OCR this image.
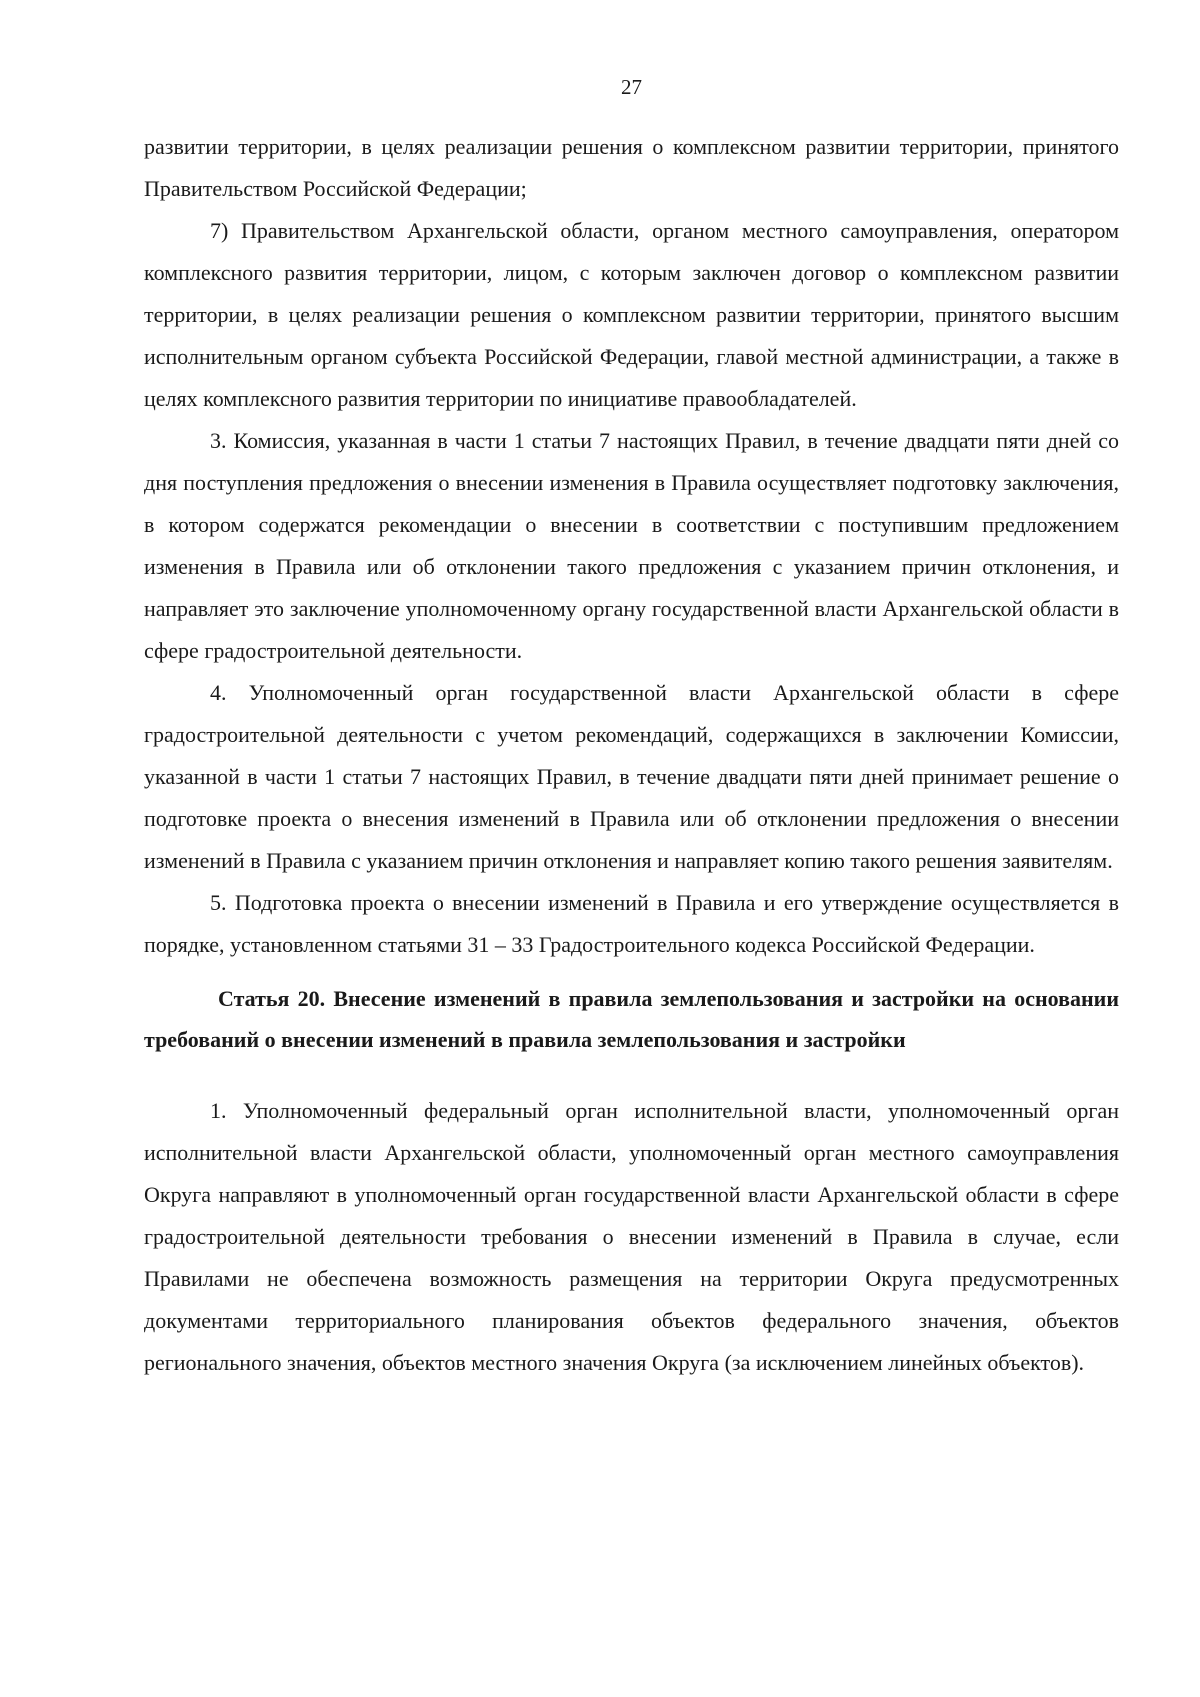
27

развитии территории, в целях реализации решения о комплексном развитии территории, принятого Правительством Российской Федерации;

7) Правительством Архангельской области, органом местного самоуправления, оператором комплексного развития территории, лицом, с которым заключен договор о комплексном развитии территории, в целях реализации решения о комплексном развитии территории, принятого высшим исполнительным органом субъекта Российской Федерации, главой местной администрации, а также в целях комплексного развития территории по инициативе правообладателей.

3. Комиссия, указанная в части 1 статьи 7 настоящих Правил, в течение двадцати пяти дней со дня поступления предложения о внесении изменения в Правила осуществляет подготовку заключения, в котором содержатся рекомендации о внесении в соответствии с поступившим предложением изменения в Правила или об отклонении такого предложения с указанием причин отклонения, и направляет это заключение уполномоченному органу государственной власти Архангельской области в сфере градостроительной деятельности.

4. Уполномоченный орган государственной власти Архангельской области в сфере градостроительной деятельности с учетом рекомендаций, содержащихся в заключении Комиссии, указанной в части 1 статьи 7 настоящих Правил, в течение двадцати пяти дней принимает решение о подготовке проекта о внесения изменений в Правила или об отклонении предложения о внесении изменений в Правила с указанием причин отклонения и направляет копию такого решения заявителям.

5. Подготовка проекта о внесении изменений в Правила и его утверждение осуществляется в порядке, установленном статьями 31 – 33 Градостроительного кодекса Российской Федерации.

Статья 20. Внесение изменений в правила землепользования и застройки на основании требований о внесении изменений в правила землепользования и застройки

1. Уполномоченный федеральный орган исполнительной власти, уполномоченный орган исполнительной власти Архангельской области, уполномоченный орган местного самоуправления Округа направляют в уполномоченный орган государственной власти Архангельской области в сфере градостроительной деятельности требования о внесении изменений в Правила в случае, если Правилами не обеспечена возможность размещения на территории Округа предусмотренных документами территориального планирования объектов федерального значения, объектов регионального значения, объектов местного значения Округа (за исключением линейных объектов).
